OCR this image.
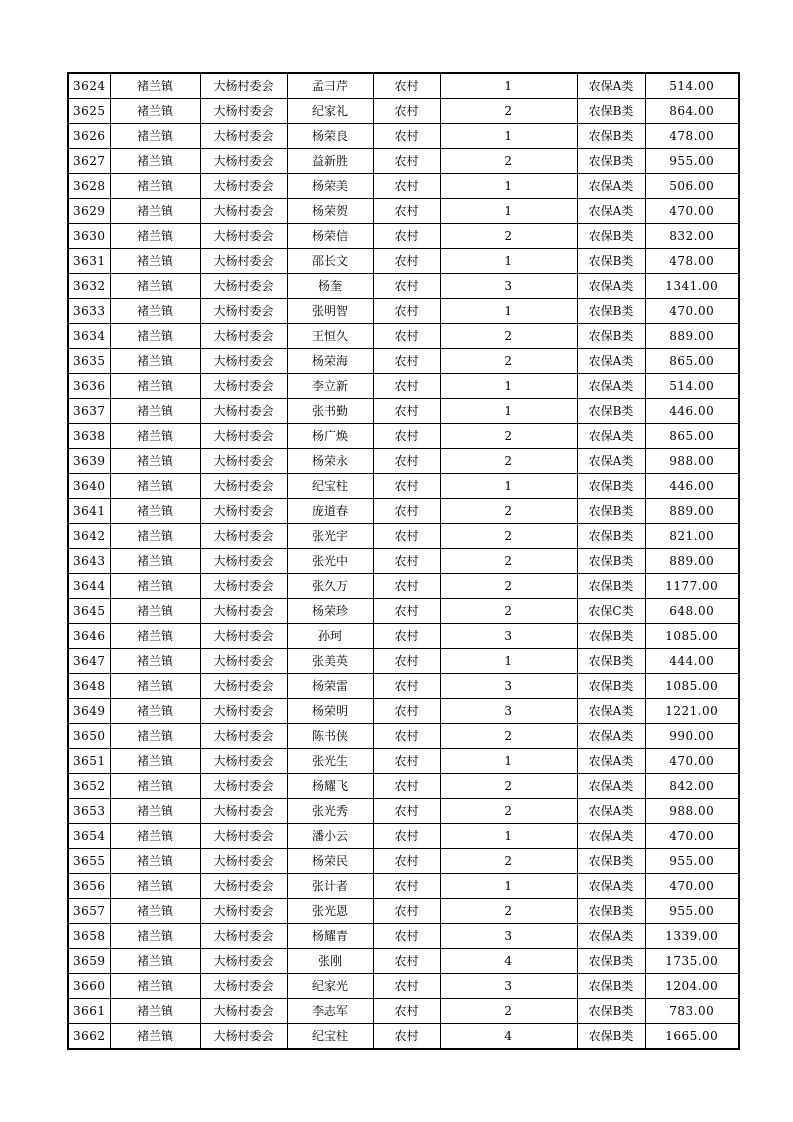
3624	褚兰镇	大杨村委会	孟彐芹	农村	1	农保A类	514.00
3625	褚兰镇	大杨村委会	纪家礼	农村	2	农保B类	864.00
3626	褚兰镇	大杨村委会	杨荣良	农村	1	农保B类	478.00
3627	褚兰镇	大杨村委会	益新胜	农村	2	农保B类	955.00
3628	褚兰镇	大杨村委会	杨荣美	农村	1	农保A类	506.00
3629	褚兰镇	大杨村委会	杨荣贺	农村	1	农保A类	470.00
3630	褚兰镇	大杨村委会	杨荣信	农村	2	农保B类	832.00
3631	褚兰镇	大杨村委会	邵长文	农村	1	农保B类	478.00
3632	褚兰镇	大杨村委会	杨奎	农村	3	农保A类	1341.00
3633	褚兰镇	大杨村委会	张明智	农村	1	农保B类	470.00
3634	褚兰镇	大杨村委会	王恒久	农村	2	农保B类	889.00
3635	褚兰镇	大杨村委会	杨荣海	农村	2	农保A类	865.00
3636	褚兰镇	大杨村委会	李立新	农村	1	农保A类	514.00
3637	褚兰镇	大杨村委会	张书勤	农村	1	农保B类	446.00
3638	褚兰镇	大杨村委会	杨广焕	农村	2	农保A类	865.00
3639	褚兰镇	大杨村委会	杨荣永	农村	2	农保A类	988.00
3640	褚兰镇	大杨村委会	纪宝柱	农村	1	农保B类	446.00
3641	褚兰镇	大杨村委会	庞道春	农村	2	农保B类	889.00
3642	褚兰镇	大杨村委会	张光宇	农村	2	农保B类	821.00
3643	褚兰镇	大杨村委会	张光中	农村	2	农保B类	889.00
3644	褚兰镇	大杨村委会	张久万	农村	2	农保B类	1177.00
3645	褚兰镇	大杨村委会	杨荣珍	农村	2	农保C类	648.00
3646	褚兰镇	大杨村委会	孙珂	农村	3	农保B类	1085.00
3647	褚兰镇	大杨村委会	张美英	农村	1	农保B类	444.00
3648	褚兰镇	大杨村委会	杨荣雷	农村	3	农保B类	1085.00
3649	褚兰镇	大杨村委会	杨荣明	农村	3	农保A类	1221.00
3650	褚兰镇	大杨村委会	陈书侠	农村	2	农保A类	990.00
3651	褚兰镇	大杨村委会	张光生	农村	1	农保A类	470.00
3652	褚兰镇	大杨村委会	杨耀飞	农村	2	农保A类	842.00
3653	褚兰镇	大杨村委会	张光秀	农村	2	农保A类	988.00
3654	褚兰镇	大杨村委会	潘小云	农村	1	农保A类	470.00
3655	褚兰镇	大杨村委会	杨荣民	农村	2	农保B类	955.00
3656	褚兰镇	大杨村委会	张计者	农村	1	农保A类	470.00
3657	褚兰镇	大杨村委会	张光恩	农村	2	农保B类	955.00
3658	褚兰镇	大杨村委会	杨耀青	农村	3	农保A类	1339.00
3659	褚兰镇	大杨村委会	张刚	农村	4	农保B类	1735.00
3660	褚兰镇	大杨村委会	纪家光	农村	3	农保B类	1204.00
3661	褚兰镇	大杨村委会	李志军	农村	2	农保B类	783.00
3662	褚兰镇	大杨村委会	纪宝柱	农村	4	农保B类	1665.00
